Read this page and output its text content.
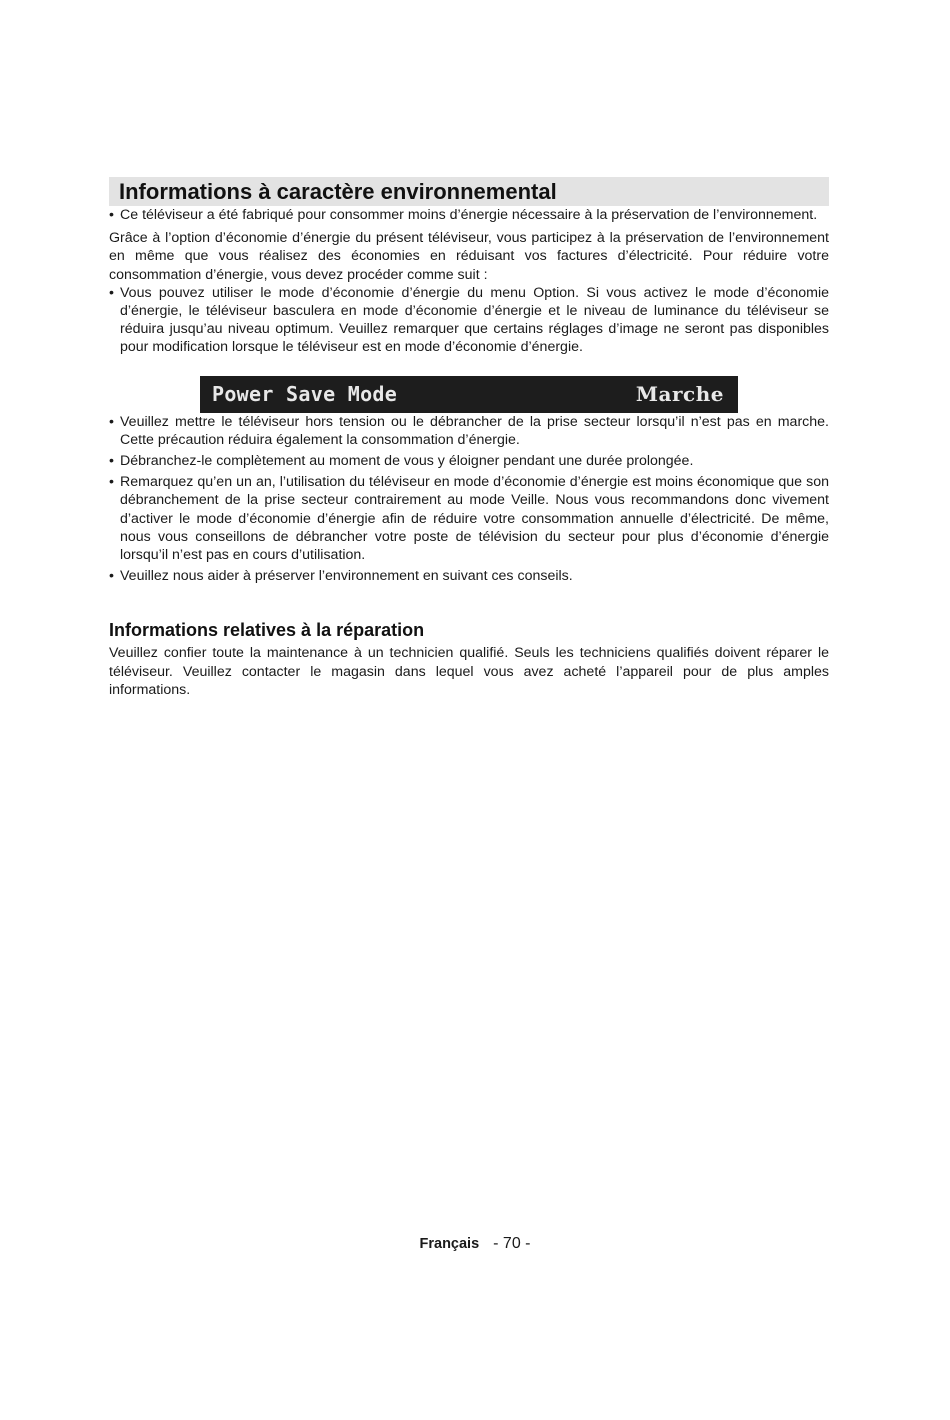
Informations à caractère environnemental
• Ce téléviseur a été fabriqué pour consommer moins d’énergie nécessaire à la préservation de l’environnement.

Grâce à l’option d’économie d’énergie du présent téléviseur, vous participez à la préservation de l’environnement en même que vous réalisez des économies en réduisant vos factures d’électricité. Pour réduire votre consommation d’énergie, vous devez procéder comme suit :

• Vous pouvez utiliser le mode d’économie d’énergie du menu Option. Si vous activez le mode d’économie d’énergie, le téléviseur basculera en mode d’économie d’énergie et le niveau de luminance du téléviseur se réduira jusqu’au niveau optimum. Veuillez remarquer que certains réglages d’image ne seront pas disponibles pour modification lorsque le téléviseur est en mode d’économie d’énergie.
Power Save Mode	Marche
• Veuillez mettre le téléviseur hors tension ou le débrancher de la prise secteur lorsqu’il n’est pas en marche. Cette précaution réduira également la consommation d’énergie.
• Débranchez-le complètement au moment de vous y éloigner pendant une durée prolongée.
• Remarquez qu’en un an, l’utilisation du téléviseur en mode d’économie d’énergie est moins économique que son débranchement de la prise secteur contrairement au mode Veille. Nous vous recommandons donc vivement d’activer le mode d’économie d’énergie afin de réduire votre consommation annuelle d’électricité. De même, nous vous conseillons de débrancher votre poste de télévision du secteur pour plus d’économie d’énergie lorsqu’il n’est pas en cours d’utilisation.
• Veuillez nous aider à préserver l’environnement en suivant ces conseils.
Informations relatives à la réparation

Veuillez confier toute la maintenance à un technicien qualifié. Seuls les techniciens qualifiés doivent réparer le téléviseur. Veuillez contacter le magasin dans lequel vous avez acheté l’appareil pour de plus amples informations.

Français - 70 -
